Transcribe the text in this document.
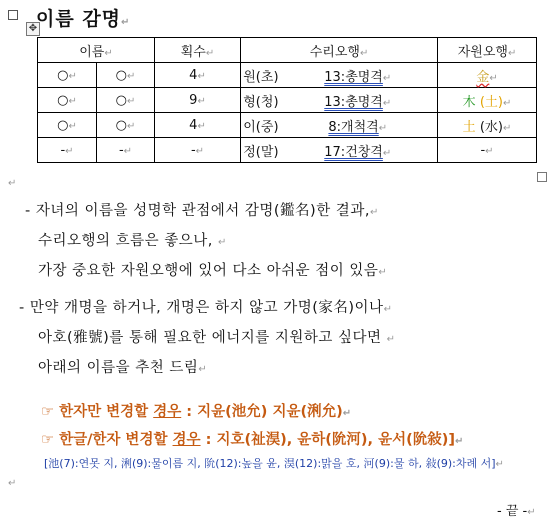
✥
이름 감명↵
이름↵		획수↵	수리오행↵		자원오행↵
○↵	○↵	4↵	원(초)	13:총명격↵	金↵
○↵	○↵	9↵	형(청)	13:총명격↵	木 (土)↵
○↵	○↵	4↵	이(중)	8:개척격↵	土 (水)↵
-↵	-↵	-↵	정(말)	17:건창격↵	-↵
↵
- 자녀의 이름을 성명학 관점에서 감명(鑑名)한 결과,↵
수리오행의 흐름은 좋으나, ↵
가장 중요한 자원오행에 있어 다소 아쉬운 점이 있음↵
- 만약 개명을 하거나, 개명은 하지 않고 가명(家名)이나↵
아호(雅號)를 통해 필요한 에너지를 지원하고 싶다면 ↵
아래의 이름을 추천 드림↵
☞ 한자만 변경할 경우 : 지윤(池允) 지윤(浰允)↵
☞ 한글/한자 변경할 경우 : 지호(祉淏), 윤하(阭河), 윤서(阭敍)]↵
[池(7):연못 지, 浰(9):물이름 지, 阭(12):높을 윤, 淏(12):맑을 호, 河(9):물 하, 敍(9):차례 서]↵
↵
- 끝 -↵
